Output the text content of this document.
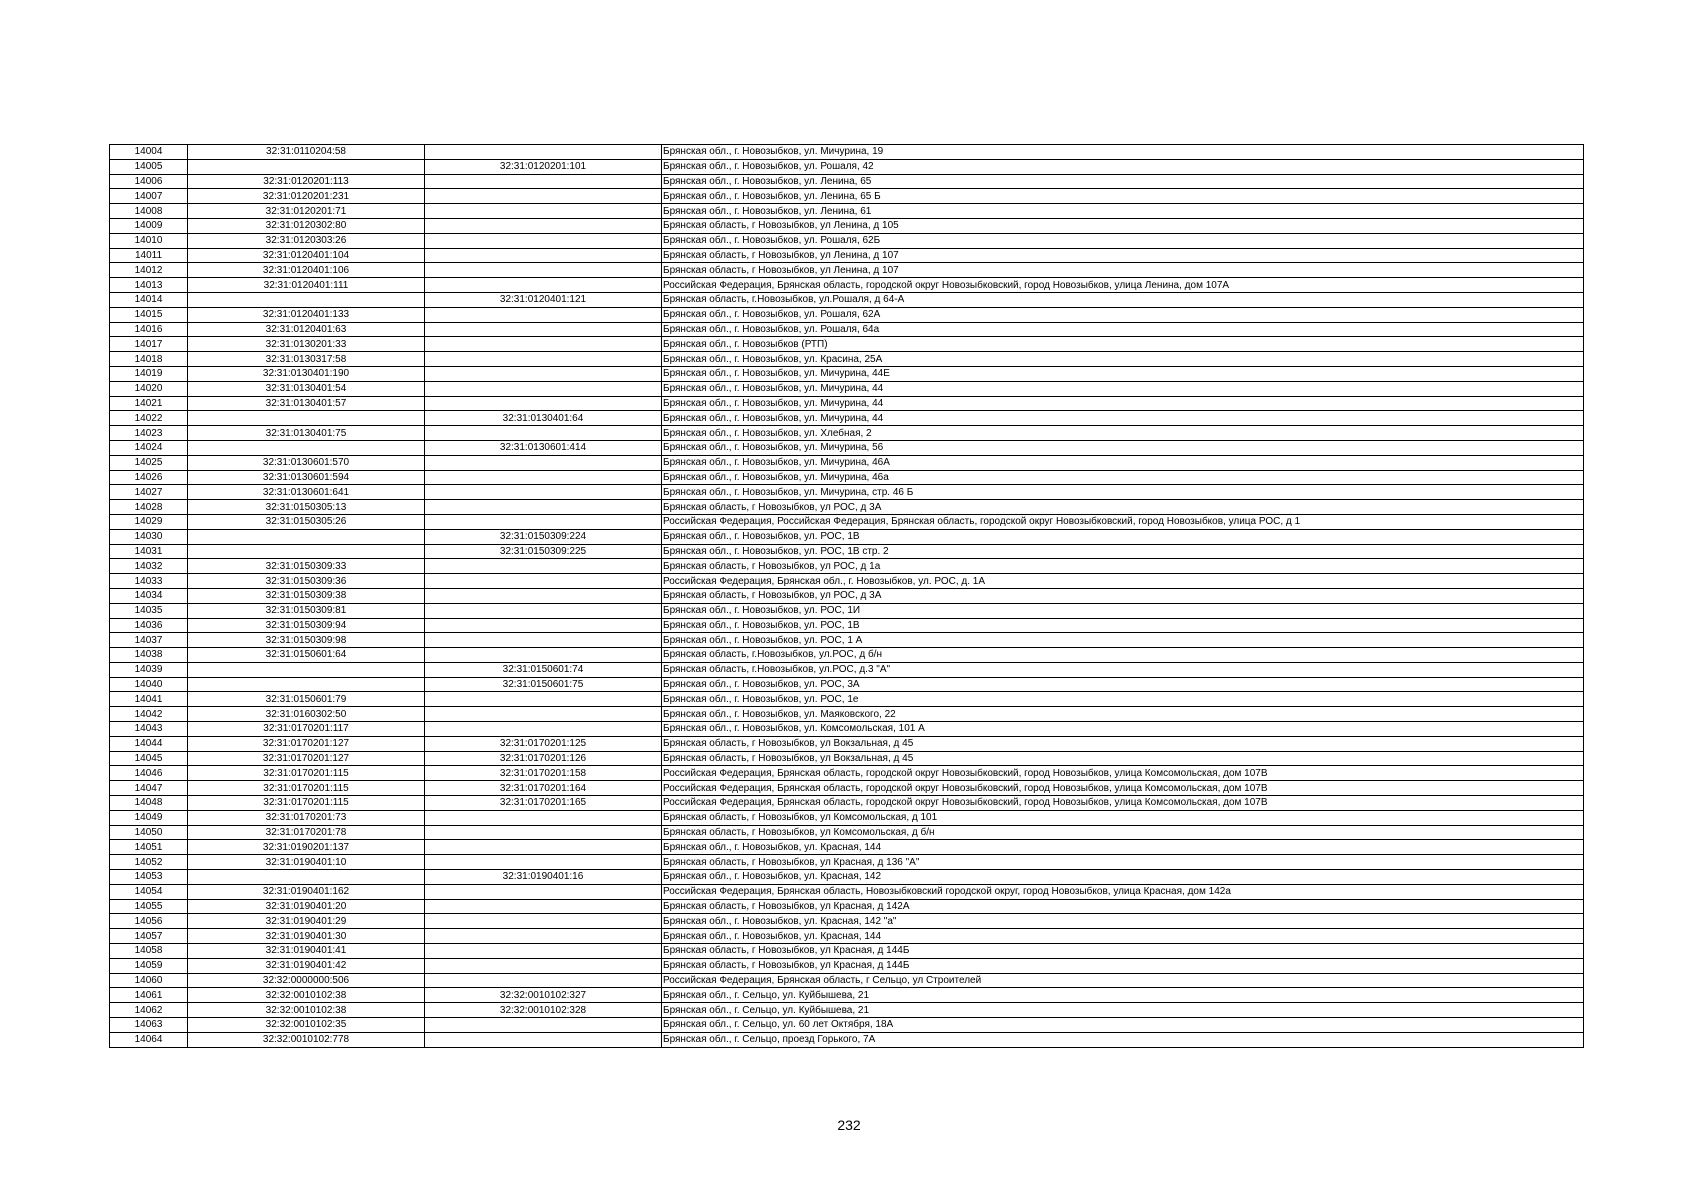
14004	32:31:0110204:58		Брянская обл., г. Новозыбков, ул. Мичурина, 19
14005		32:31:0120201:101	Брянская обл., г. Новозыбков, ул. Рошаля, 42
14006	32:31:0120201:113		Брянская обл., г. Новозыбков, ул. Ленина, 65
14007	32:31:0120201:231		Брянская обл., г. Новозыбков, ул. Ленина, 65 Б
14008	32:31:0120201:71		Брянская обл., г. Новозыбков, ул. Ленина, 61
14009	32:31:0120302:80		Брянская область, г Новозыбков, ул Ленина, д 105
14010	32:31:0120303:26		Брянская обл., г. Новозыбков, ул. Рошаля, 62Б
14011	32:31:0120401:104		Брянская область, г Новозыбков, ул Ленина, д 107
14012	32:31:0120401:106		Брянская область, г Новозыбков, ул Ленина, д 107
14013	32:31:0120401:111		Российская Федерация, Брянская область, городской округ Новозыбковский, город Новозыбков, улица Ленина, дом 107А
14014		32:31:0120401:121	Брянская область, г.Новозыбков, ул.Рошаля, д 64-А
14015	32:31:0120401:133		Брянская обл., г. Новозыбков, ул. Рошаля, 62А
14016	32:31:0120401:63		Брянская обл., г. Новозыбков, ул. Рошаля, 64а
14017	32:31:0130201:33		Брянская обл., г. Новозыбков (РТП)
14018	32:31:0130317:58		Брянская обл., г. Новозыбков, ул. Красина, 25А
14019	32:31:0130401:190		Брянская обл., г. Новозыбков, ул. Мичурина, 44Е
14020	32:31:0130401:54		Брянская обл., г. Новозыбков, ул. Мичурина, 44
14021	32:31:0130401:57		Брянская обл., г. Новозыбков, ул. Мичурина, 44
14022		32:31:0130401:64	Брянская обл., г. Новозыбков, ул. Мичурина, 44
14023	32:31:0130401:75		Брянская обл., г. Новозыбков, ул. Хлебная, 2
14024		32:31:0130601:414	Брянская обл., г. Новозыбков, ул. Мичурина, 56
14025	32:31:0130601:570		Брянская обл., г. Новозыбков, ул. Мичурина, 46А
14026	32:31:0130601:594		Брянская обл., г. Новозыбков, ул. Мичурина, 46а
14027	32:31:0130601:641		Брянская обл., г. Новозыбков, ул. Мичурина, стр. 46 Б
14028	32:31:0150305:13		Брянская область, г Новозыбков, ул РОС, д 3А
14029	32:31:0150305:26		Российская Федерация, Российская Федерация, Брянская область, городской округ Новозыбковский, город Новозыбков, улица РОС, д 1
14030		32:31:0150309:224	Брянская обл., г. Новозыбков, ул. РОС, 1В
14031		32:31:0150309:225	Брянская обл., г. Новозыбков, ул. РОС, 1В стр. 2
14032	32:31:0150309:33		Брянская область, г Новозыбков, ул РОС, д 1а
14033	32:31:0150309:36		Российская Федерация, Брянская обл., г. Новозыбков, ул. РОС, д. 1А
14034	32:31:0150309:38		Брянская область, г Новозыбков, ул РОС, д 3А
14035	32:31:0150309:81		Брянская обл., г. Новозыбков, ул. РОС, 1И
14036	32:31:0150309:94		Брянская обл., г. Новозыбков, ул. РОС, 1В
14037	32:31:0150309:98		Брянская обл., г. Новозыбков, ул. РОС, 1 А
14038	32:31:0150601:64		Брянская область, г.Новозыбков, ул.РОС, д б/н
14039		32:31:0150601:74	Брянская область, г.Новозыбков, ул.РОС, д.3 "А"
14040		32:31:0150601:75	Брянская обл., г. Новозыбков, ул. РОС, 3А
14041	32:31:0150601:79		Брянская обл., г. Новозыбков, ул. РОС, 1е
14042	32:31:0160302:50		Брянская обл., г. Новозыбков, ул. Маяковского, 22
14043	32:31:0170201:117		Брянская обл., г. Новозыбков, ул. Комсомольская, 101 А
14044	32:31:0170201:127	32:31:0170201:125	Брянская область, г Новозыбков, ул Вокзальная, д 45
14045	32:31:0170201:127	32:31:0170201:126	Брянская область, г Новозыбков, ул Вокзальная, д 45
14046	32:31:0170201:115	32:31:0170201:158	Российская Федерация, Брянская область, городской округ Новозыбковский, город Новозыбков, улица Комсомольская, дом 107В
14047	32:31:0170201:115	32:31:0170201:164	Российская Федерация, Брянская область, городской округ Новозыбковский, город Новозыбков, улица Комсомольская, дом 107В
14048	32:31:0170201:115	32:31:0170201:165	Российская Федерация, Брянская область, городской округ Новозыбковский, город Новозыбков, улица Комсомольская, дом 107В
14049	32:31:0170201:73		Брянская область, г Новозыбков, ул Комсомольская, д 101
14050	32:31:0170201:78		Брянская область, г Новозыбков, ул Комсомольская, д б/н
14051	32:31:0190201:137		Брянская обл., г. Новозыбков, ул. Красная, 144
14052	32:31:0190401:10		Брянская область, г Новозыбков, ул Красная, д 136 "А"
14053		32:31:0190401:16	Брянская обл., г. Новозыбков, ул. Красная, 142
14054	32:31:0190401:162		Российская Федерация, Брянская область, Новозыбковский городской округ, город Новозыбков, улица Красная, дом 142а
14055	32:31:0190401:20		Брянская область, г Новозыбков, ул Красная, д 142А
14056	32:31:0190401:29		Брянская обл., г. Новозыбков, ул. Красная, 142 "а"
14057	32:31:0190401:30		Брянская обл., г. Новозыбков, ул. Красная, 144
14058	32:31:0190401:41		Брянская область, г Новозыбков, ул Красная, д 144Б
14059	32:31:0190401:42		Брянская область, г Новозыбков, ул Красная, д 144Б
14060	32:32:0000000:506		Российская Федерация, Брянская область, г Сельцо, ул Строителей
14061	32:32:0010102:38	32:32:0010102:327	Брянская обл., г. Сельцо, ул. Куйбышева, 21
14062	32:32:0010102:38	32:32:0010102:328	Брянская обл., г. Сельцо, ул. Куйбышева, 21
14063	32:32:0010102:35		Брянская обл., г. Сельцо, ул. 60 лет Октября, 18А
14064	32:32:0010102:778		Брянская обл., г. Сельцо, проезд Горького, 7А
232
